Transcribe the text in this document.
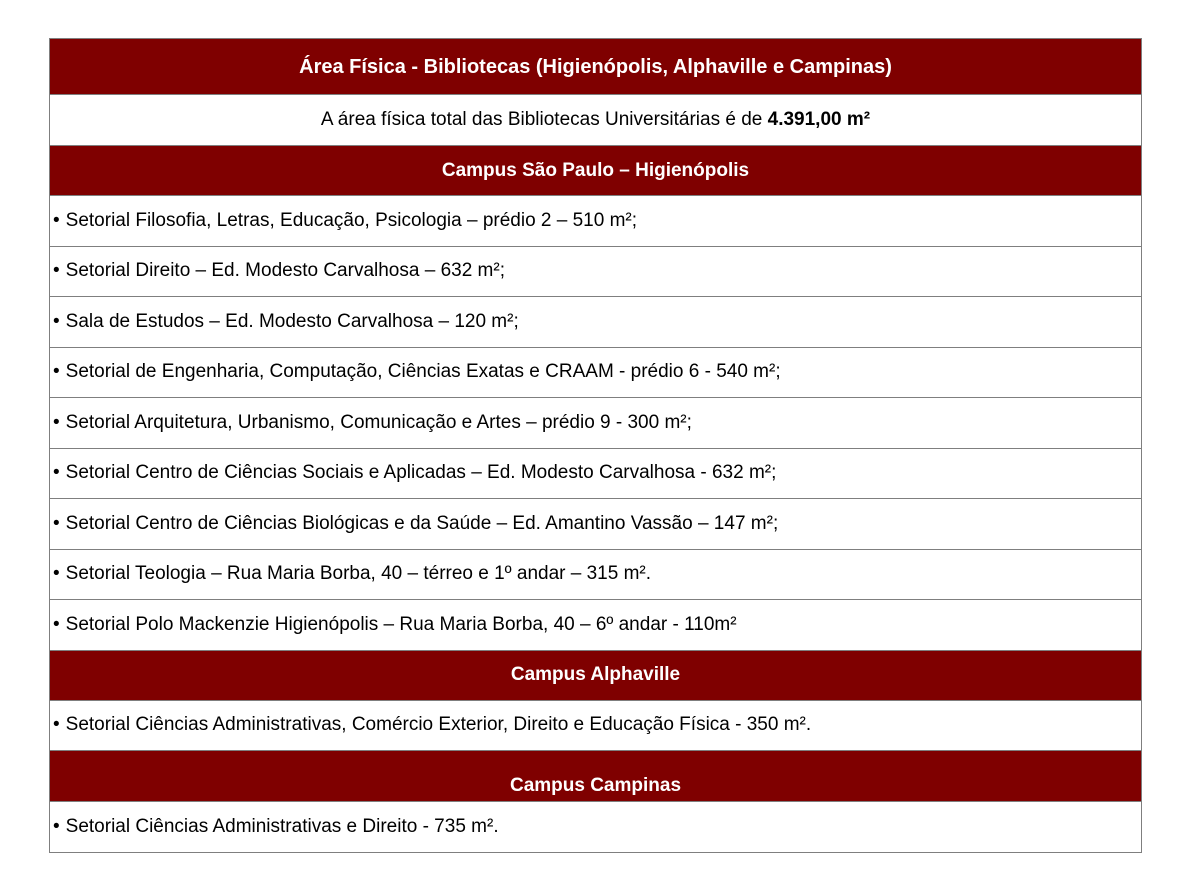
Área Física - Bibliotecas (Higienópolis, Alphaville e Campinas)
A área física total das Bibliotecas Universitárias é de 4.391,00 m²
Campus São Paulo – Higienópolis
• Setorial Filosofia, Letras, Educação, Psicologia – prédio 2 – 510 m²;
• Setorial Direito – Ed. Modesto Carvalhosa – 632 m²;
• Sala de Estudos – Ed. Modesto Carvalhosa – 120 m²;
• Setorial de Engenharia, Computação, Ciências Exatas e CRAAM - prédio 6 - 540 m²;
• Setorial Arquitetura, Urbanismo, Comunicação e Artes – prédio 9 - 300 m²;
• Setorial Centro de Ciências Sociais e Aplicadas – Ed. Modesto Carvalhosa - 632 m²;
• Setorial Centro de Ciências Biológicas e da Saúde – Ed. Amantino Vassão – 147 m²;
• Setorial Teologia – Rua Maria Borba, 40 – térreo e 1º andar – 315 m².
• Setorial Polo Mackenzie Higienópolis – Rua Maria Borba, 40 – 6º andar - 110m²
Campus Alphaville
• Setorial Ciências Administrativas, Comércio Exterior, Direito e Educação Física - 350 m².
Campus Campinas
• Setorial Ciências Administrativas e Direito - 735 m².
